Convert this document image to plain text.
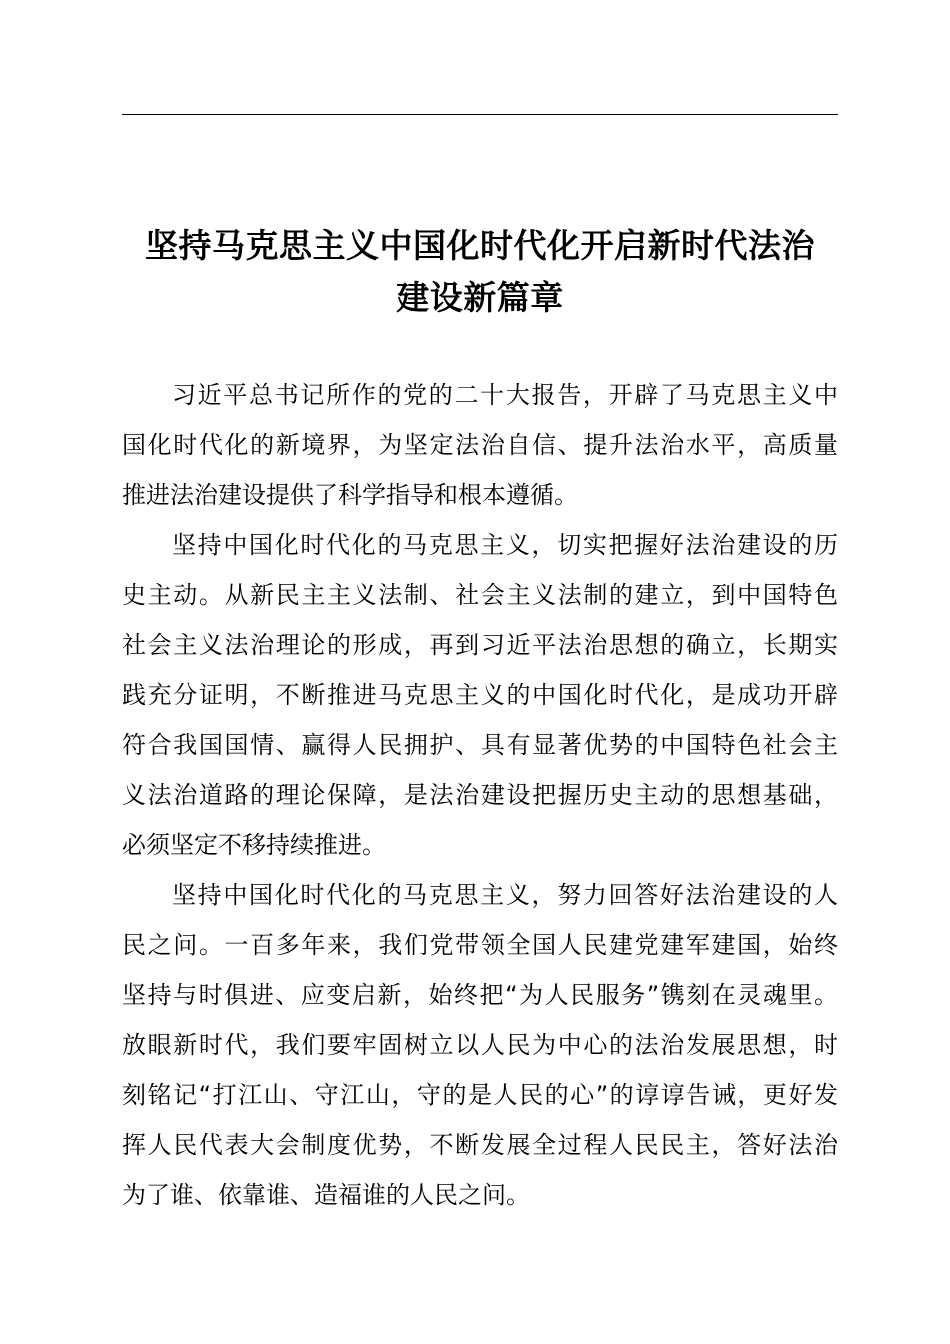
坚持马克思主义中国化时代化开启新时代法治
建设新篇章

习近平总书记所作的党的二十大报告，开辟了马克思主义中
国化时代化的新境界，为坚定法治自信、提升法治水平，高质量
推进法治建设提供了科学指导和根本遵循。

坚持中国化时代化的马克思主义，切实把握好法治建设的历
史主动。从新民主主义法制、社会主义法制的建立，到中国特色
社会主义法治理论的形成，再到习近平法治思想的确立，长期实
践充分证明，不断推进马克思主义的中国化时代化，是成功开辟
符合我国国情、赢得人民拥护、具有显著优势的中国特色社会主
义法治道路的理论保障，是法治建设把握历史主动的思想基础，
必须坚定不移持续推进。

坚持中国化时代化的马克思主义，努力回答好法治建设的人
民之问。一百多年来，我们党带领全国人民建党建军建国，始终
坚持与时俱进、应变启新，始终把“为人民服务”镌刻在灵魂里。
放眼新时代，我们要牢固树立以人民为中心的法治发展思想，时
刻铭记“打江山、守江山，守的是人民的心”的谆谆告诫，更好发
挥人民代表大会制度优势，不断发展全过程人民民主，答好法治
为了谁、依靠谁、造福谁的人民之问。
